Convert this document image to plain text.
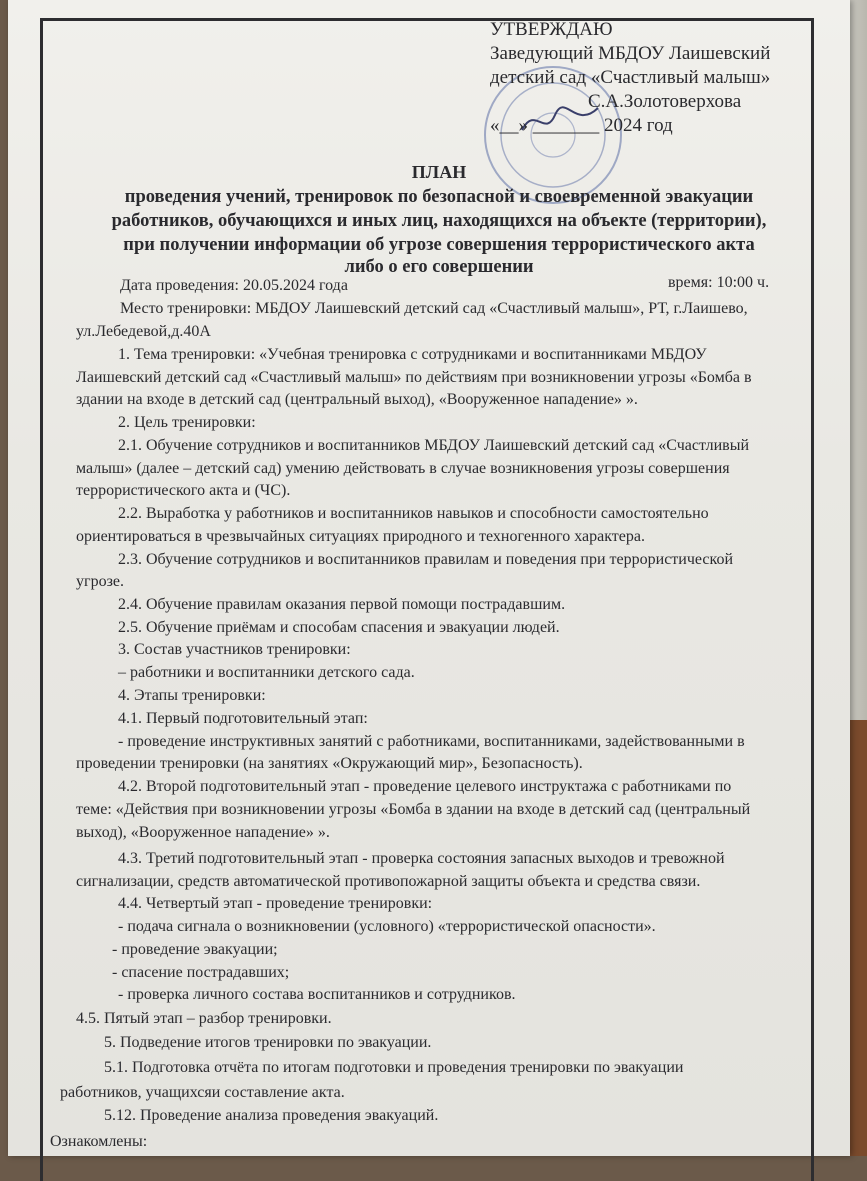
УТВЕРЖДАЮ
Заведующий МБДОУ Лаишевский
детский сад «Счастливый малыш»
С.А.Золотоверхова
«__» _______ 2024 год
ПЛАН
проведения учений, тренировок по безопасной и своевременной эвакуации
работников, обучающихся и иных лиц, находящихся на объекте (территории),
при получении информации об угрозе совершения террористического акта
либо о его совершении
Дата проведения: 20.05.2024 года	время: 10:00 ч.
Место тренировки: МБДОУ Лаишевский детский сад «Счастливый малыш», РТ, г.Лаишево,
ул.Лебедевой,д.40А
1. Тема тренировки: «Учебная тренировка с сотрудниками и воспитанниками МБДОУ
Лаишевский детский сад «Счастливый малыш» по действиям при возникновении угрозы «Бомба в
здании на входе в детский сад (центральный выход), «Вооруженное нападение» ».
2. Цель тренировки:
2.1. Обучение сотрудников и воспитанников МБДОУ Лаишевский детский сад «Счастливый
малыш» (далее – детский сад) умению действовать в случае возникновения угрозы совершения
террористического акта и (ЧС).
2.2. Выработка у работников и воспитанников навыков и способности самостоятельно
ориентироваться в чрезвычайных ситуациях природного и техногенного характера.
2.3. Обучение сотрудников и воспитанников правилам и поведения при террористической
угрозе.
2.4. Обучение правилам оказания первой помощи пострадавшим.
2.5. Обучение приёмам и способам спасения и эвакуации людей.
3. Состав участников тренировки:
– работники и воспитанники детского сада.
4. Этапы тренировки:
4.1. Первый подготовительный этап:
- проведение инструктивных занятий с работниками, воспитанниками, задействованными в
проведении тренировки (на занятиях «Окружающий мир», Безопасность).
4.2. Второй подготовительный этап - проведение целевого инструктажа с работниками по
теме: «Действия при возникновении угрозы «Бомба в здании на входе в детский сад (центральный
выход), «Вооруженное нападение» ».
4.3. Третий подготовительный этап - проверка состояния запасных выходов и тревожной
сигнализации, средств автоматической противопожарной защиты объекта и средства связи.
4.4. Четвертый этап - проведение тренировки:
- подача сигнала о возникновении (условного) «террористической опасности».
- проведение эвакуации;
- спасение пострадавших;
- проверка личного состава воспитанников и сотрудников.
4.5. Пятый этап – разбор тренировки.
5. Подведение итогов тренировки по эвакуации.
5.1. Подготовка отчёта по итогам подготовки и проведения тренировки по эвакуации
работников, учащихсяи составление акта.
5.12. Проведение анализа проведения эвакуаций.
Ознакомлены:
